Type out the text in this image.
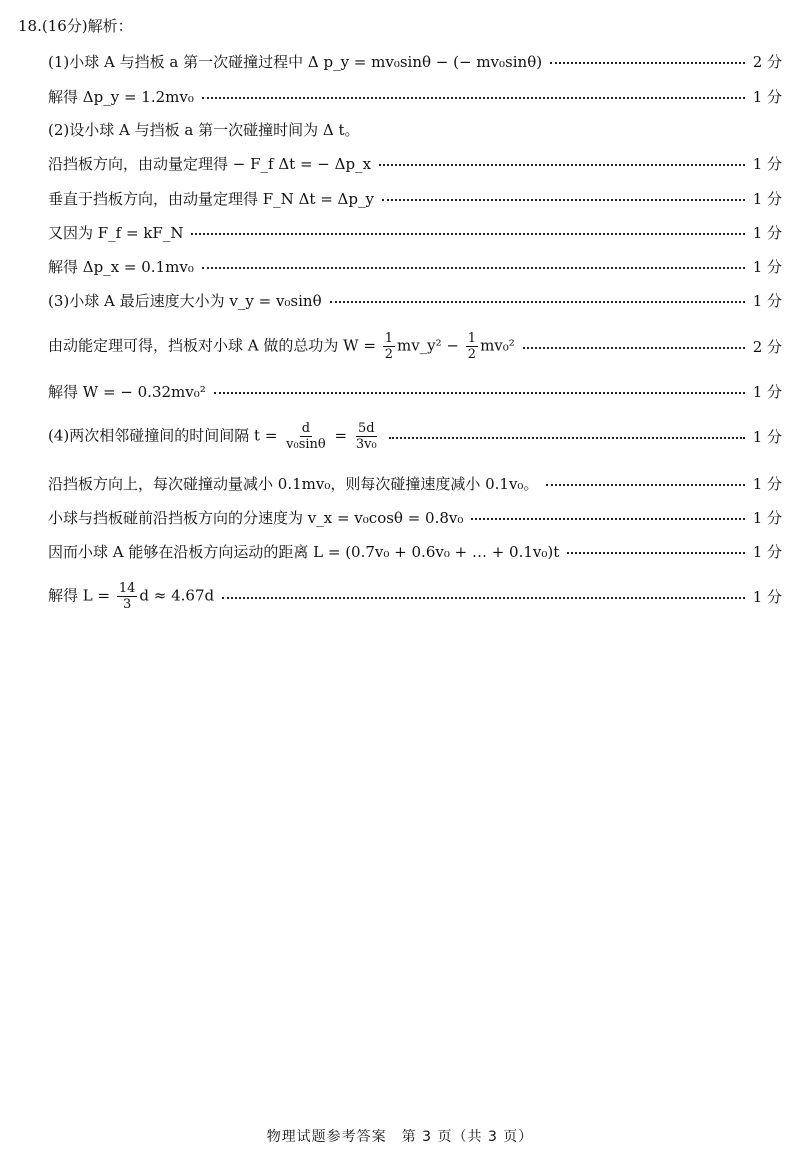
18.(16分)解析：
(1)小球 A 与挡板 a 第一次碰撞过程中 Δ p_y = mv₀sinθ − (− mv₀sinθ)	2 分
解得 Δp_y = 1.2mv₀	1 分
(2)设小球 A 与挡板 a 第一次碰撞时间为 Δ t。
沿挡板方向，由动量定理得 − F_f Δt = − Δp_x	1 分
垂直于挡板方向，由动量定理得 F_N Δt = Δp_y	1 分
又因为 F_f = kF_N	1 分
解得 Δp_x = 0.1mv₀	1 分
(3)小球 A 最后速度大小为 v_y = v₀sinθ	1 分
由动能定理可得，挡板对小球 A 做的总功为 $W = \frac{1}{2}$ mv_y² − $\frac{1}{2} mv_0^2$	2 分
解得 W = − 0.32mv₀²	1 分
(4)两次相邻碰撞间的时间间隔 $t = \frac{d}{\text{v₀sinθ}} = \frac{5d}{\text{3v₀}}$	1 分
沿挡板方向上，每次碰撞动量减小 0.1mv₀，则每次碰撞速度减小 0.1v₀。	1 分
小球与挡板碰前沿挡板方向的分速度为 v_x = v₀cosθ = 0.8v₀	1 分
因而小球 A 能够在沿板方向运动的距离 L = (0.7v₀ + 0.6v₀ + … + 0.1v₀)t	1 分
解得 $L = \frac{14}{3}$ d ≈ 4.67d	1 分
物理试题参考答案　第 3 页（共 3 页）
